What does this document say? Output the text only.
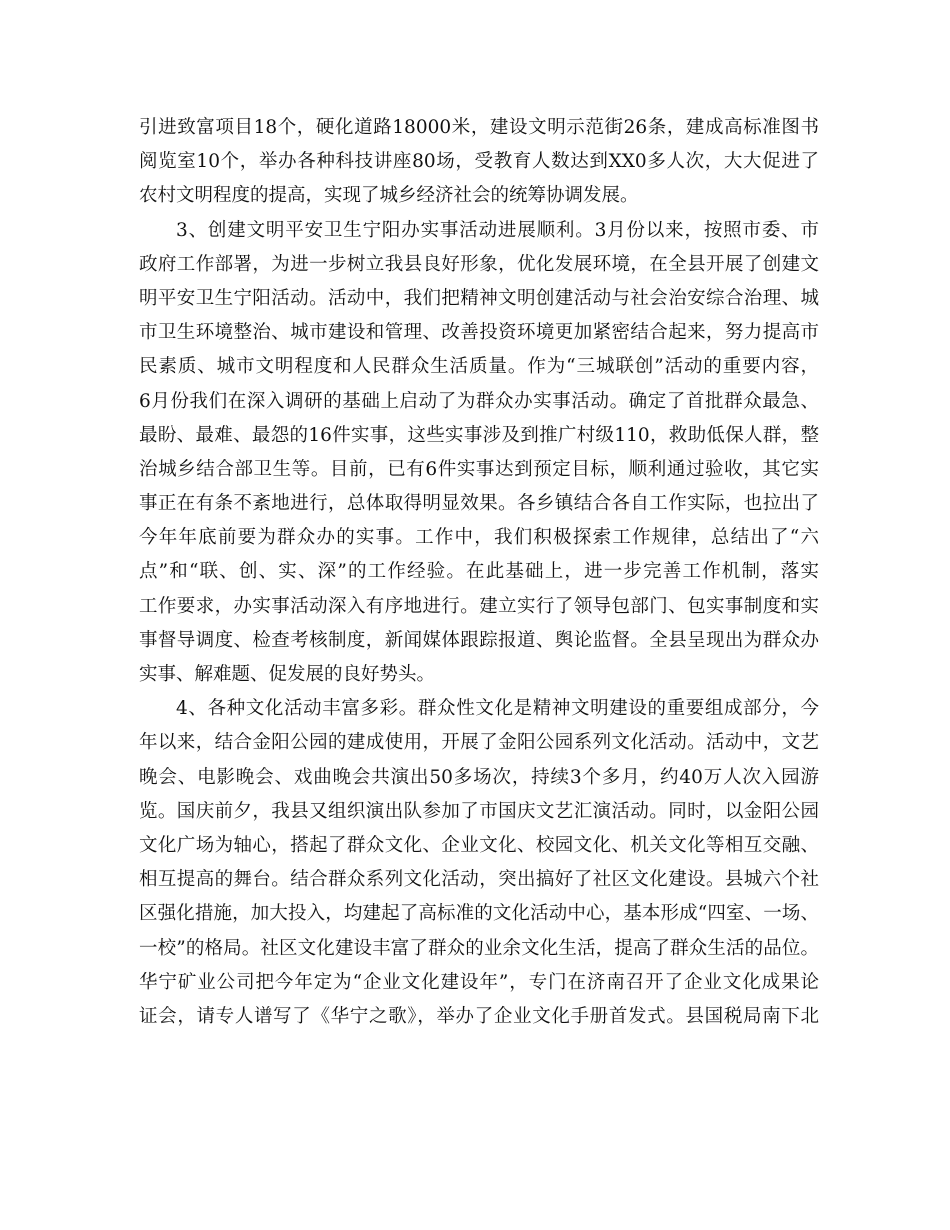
引进致富项目18个，硬化道路18000米，建设文明示范街26条，建成高标准图书
阅览室10个，举办各种科技讲座80场，受教育人数达到XX0多人次，大大促进了
农村文明程度的提高，实现了城乡经济社会的统筹协调发展。
3、创建文明平安卫生宁阳办实事活动进展顺利。3月份以来，按照市委、市
政府工作部署，为进一步树立我县良好形象，优化发展环境，在全县开展了创建文
明平安卫生宁阳活动。活动中，我们把精神文明创建活动与社会治安综合治理、城
市卫生环境整治、城市建设和管理、改善投资环境更加紧密结合起来，努力提高市
民素质、城市文明程度和人民群众生活质量。作为“三城联创”活动的重要内容，
6月份我们在深入调研的基础上启动了为群众办实事活动。确定了首批群众最急、
最盼、最难、最怨的16件实事，这些实事涉及到推广村级110，救助低保人群，整
治城乡结合部卫生等。目前，已有6件实事达到预定目标，顺利通过验收，其它实
事正在有条不紊地进行，总体取得明显效果。各乡镇结合各自工作实际，也拉出了
今年年底前要为群众办的实事。工作中，我们积极探索工作规律，总结出了“六
点”和“联、创、实、深”的工作经验。在此基础上，进一步完善工作机制，落实
工作要求，办实事活动深入有序地进行。建立实行了领导包部门、包实事制度和实
事督导调度、检查考核制度，新闻媒体跟踪报道、舆论监督。全县呈现出为群众办
实事、解难题、促发展的良好势头。
4、各种文化活动丰富多彩。群众性文化是精神文明建设的重要组成部分，今
年以来，结合金阳公园的建成使用，开展了金阳公园系列文化活动。活动中，文艺
晚会、电影晚会、戏曲晚会共演出50多场次，持续3个多月，约40万人次入园游
览。国庆前夕，我县又组织演出队参加了市国庆文艺汇演活动。同时，以金阳公园
文化广场为轴心，搭起了群众文化、企业文化、校园文化、机关文化等相互交融、
相互提高的舞台。结合群众系列文化活动，突出搞好了社区文化建设。县城六个社
区强化措施，加大投入，均建起了高标准的文化活动中心，基本形成“四室、一场、
一校”的格局。社区文化建设丰富了群众的业余文化生活，提高了群众生活的品位。
华宁矿业公司把今年定为“企业文化建设年”，专门在济南召开了企业文化成果论
证会，请专人谱写了《华宁之歌》，举办了企业文化手册首发式。县国税局南下北
